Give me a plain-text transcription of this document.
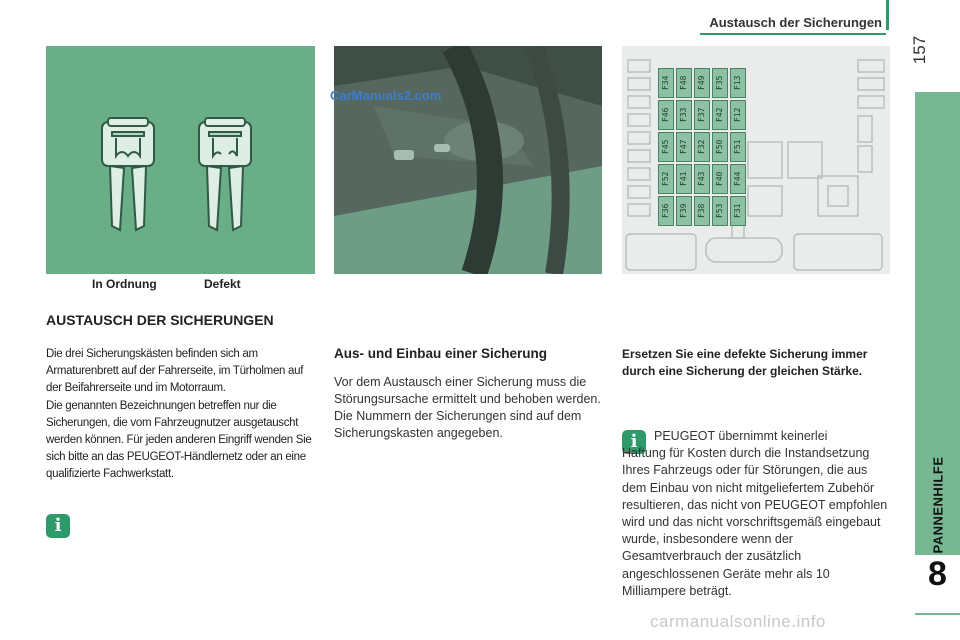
Austausch der Sicherungen
157
PANNENHILFE
8
In Ordnung	Defekt
CarManuals2.com
F34	F48	F49	F35	F13
F46	F33	F37	F42	F12
F45	F47	F32	F50	F51
F52	F41	F43	F40	F44
F36	F39	F38	F53	F31
AUSTAUSCH DER SICHERUNGEN
Die drei Sicherungskästen befinden sich am Armaturenbrett auf der Fahrerseite, im Türholmen auf der Beifahrerseite und im Motorraum.
Die genannten Bezeichnungen betreffen nur die Sicherungen, die vom Fahrzeugnutzer ausgetauscht werden können. Für jeden anderen Eingriff wenden Sie sich bitte an das PEUGEOT-Händlernetz oder an eine qualifizierte Fachwerkstatt.
i
Aus- und Einbau einer Sicherung
Vor dem Austausch einer Sicherung muss die Störungsursache ermittelt und behoben werden. Die Nummern der Sicherungen sind auf dem Sicherungskasten angegeben.
Ersetzen Sie eine defekte Sicherung immer durch eine Sicherung der gleichen Stärke.
i	PEUGEOT übernimmt keinerlei
Haftung für Kosten durch die Instandsetzung Ihres Fahrzeugs oder für Störungen, die aus dem Einbau von nicht mitgeliefertem Zubehör resultieren, das nicht von PEUGEOT empfohlen wird und das nicht vorschriftsgemäß eingebaut wurde, insbesondere wenn der Gesamtverbrauch der zusätzlich angeschlossenen Geräte mehr als 10 Milliampere beträgt.
carmanualsonline.info
